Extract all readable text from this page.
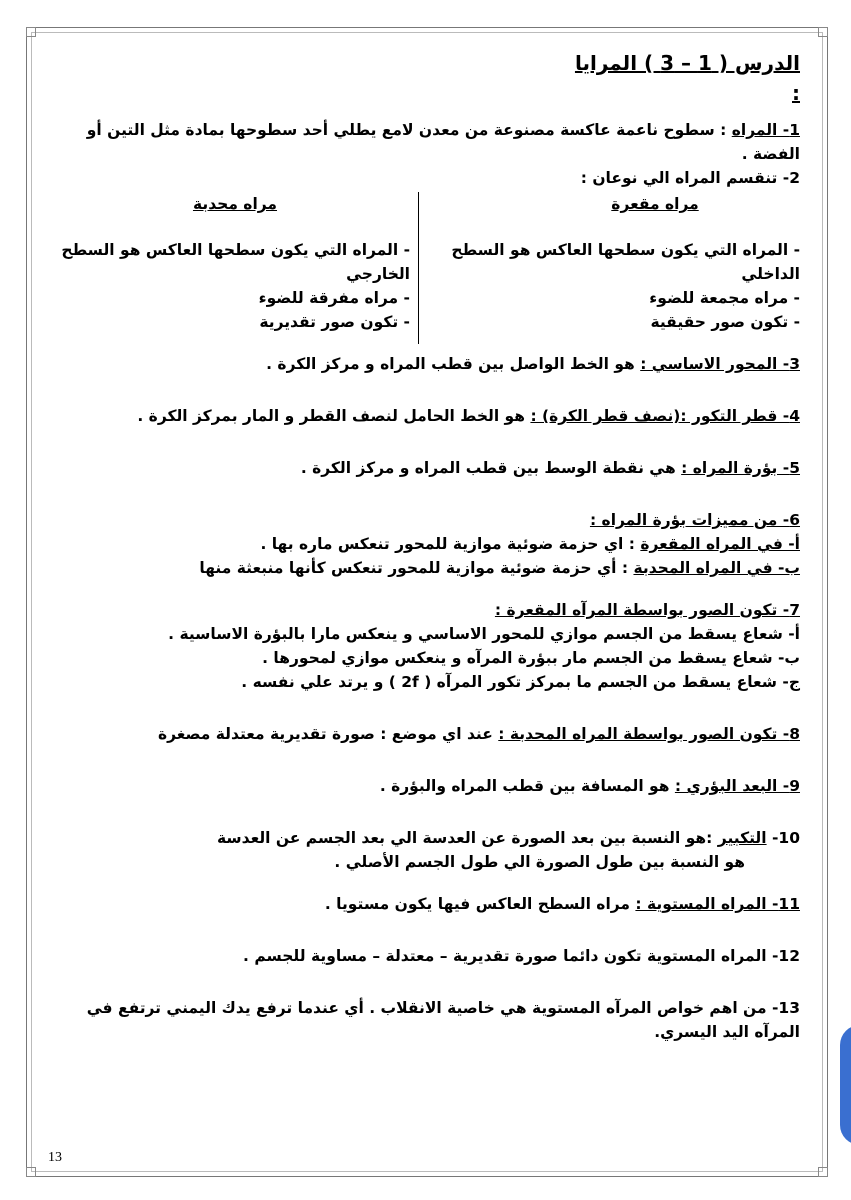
الدرس ( 1 – 3 ) المرايا
:

1- المراه : سطوح ناعمة عاكسة مصنوعة من معدن لامع يطلي أحد سطوحها بمادة مثل التين أو الفضة .

2- تنقسم المراه الي نوعان :

مراه مقعرة
- المراه التي يكون سطحها العاكس هو السطح الداخلي
- مراه مجمعة للضوء
- تكون صور حقيقية
مراه محدبة
- المراه التي يكون سطحها العاكس هو السطح الخارجي
- مراه مفرقة للضوء
- تكون صور تقديرية

3- المحور الاساسي : هو الخط الواصل بين قطب المراه و مركز الكرة .

4- قطر التكور :(نصف قطر الكرة) : هو الخط الحامل لنصف القطر و المار بمركز الكرة .

5- بؤرة المراه : هي نقطة الوسط بين قطب المراه و مركز الكرة .

6- من مميزات بؤرة المراه :

أ- في المراه المقعرة : اي حزمة ضوئية موازية للمحور تنعكس ماره بها .

ب- في المراه المحدبة : أي حزمة ضوئية موازية للمحور تنعكس كأنها منبعثة منها

7- تكون الصور بواسطة المرآه المقعرة :

أ- شعاع يسقط من الجسم موازي للمحور الاساسي و ينعكس مارا بالبؤرة الاساسية .

ب- شعاع يسقط من الجسم مار ببؤرة المرآه و ينعكس موازي لمحورها .

ج- شعاع يسقط من الجسم ما بمركز تكور المرآه ( 2f ) و يرتد علي نفسه .

8- تكون الصور بواسطة المراه المحدبة : عند اي موضع : صورة تقديرية معتدلة مصغرة

9- البعد البؤري : هو المسافة بين قطب المراه والبؤرة .

10- التكبير :هو النسبة بين بعد الصورة عن العدسة الي بعد الجسم عن العدسة

هو النسبة بين طول الصورة الي طول الجسم الأصلي .

11- المراه المستوية : مراه السطح العاكس فيها يكون مستويا .

12- المراه المستوية تكون دائما صورة تقديرية – معتدلة – مساوية للجسم .

13- من اهم خواص المرآه المستوية هي خاصية الانقلاب . أي عندما ترفع يدك اليمني ترتفع في المرآه اليد اليسري.

13
